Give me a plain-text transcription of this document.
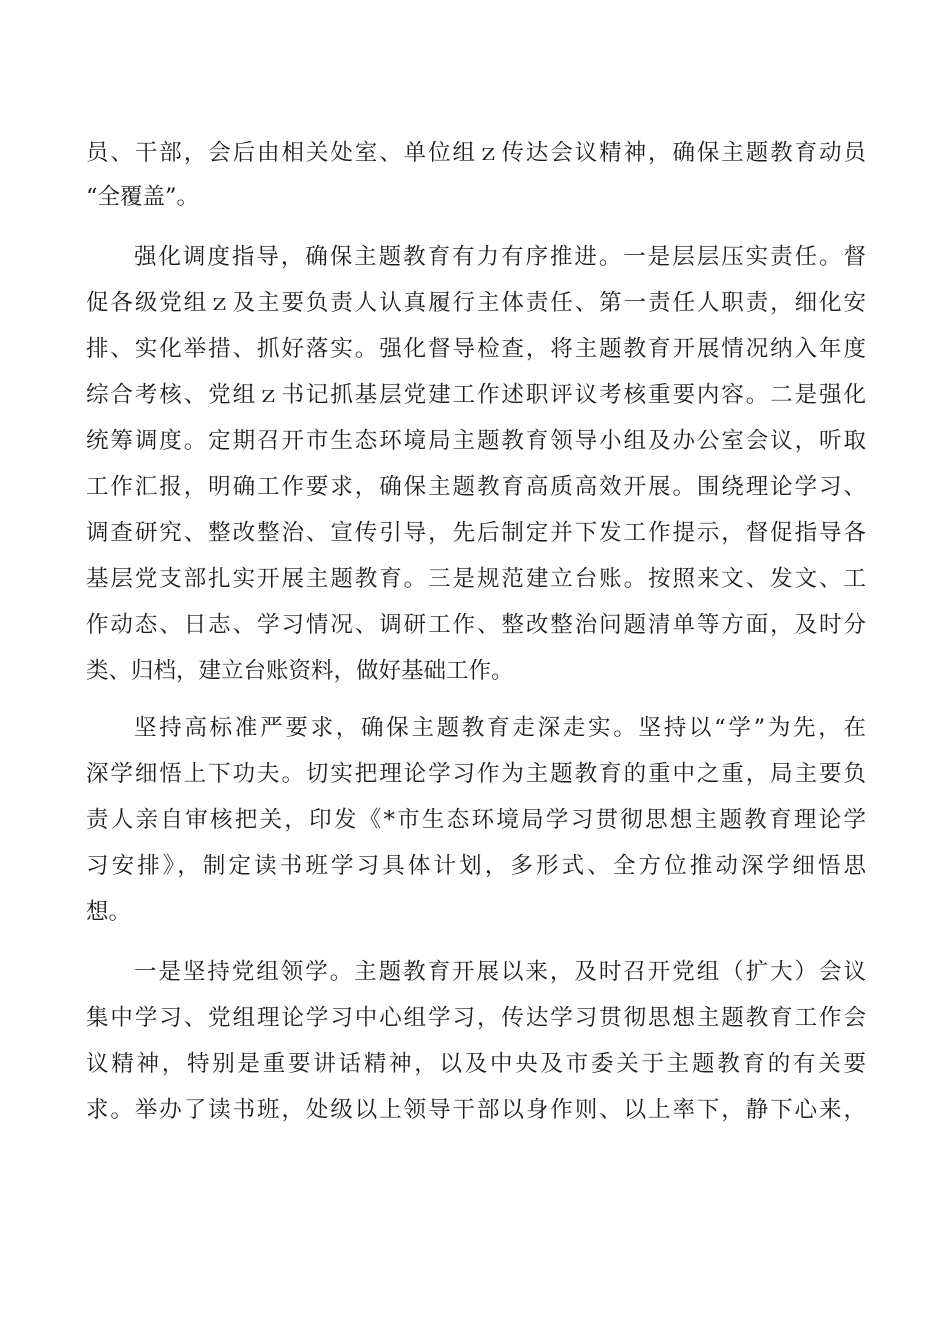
员、干部，会后由相关处室、单位组ｚ传达会议精神，确保主题教育动员
“全覆盖”。
强化调度指导，确保主题教育有力有序推进。一是层层压实责任。督
促各级党组ｚ及主要负责人认真履行主体责任、第一责任人职责，细化安
排、实化举措、抓好落实。强化督导检查，将主题教育开展情况纳入年度
综合考核、党组ｚ书记抓基层党建工作述职评议考核重要内容。二是强化
统筹调度。定期召开市生态环境局主题教育领导小组及办公室会议，听取
工作汇报，明确工作要求，确保主题教育高质高效开展。围绕理论学习、
调查研究、整改整治、宣传引导，先后制定并下发工作提示，督促指导各
基层党支部扎实开展主题教育。三是规范建立台账。按照来文、发文、工
作动态、日志、学习情况、调研工作、整改整治问题清单等方面，及时分
类、归档，建立台账资料，做好基础工作。
坚持高标准严要求，确保主题教育走深走实。坚持以“学”为先，在
深学细悟上下功夫。切实把理论学习作为主题教育的重中之重，局主要负
责人亲自审核把关，印发《*市生态环境局学习贯彻思想主题教育理论学
习安排》，制定读书班学习具体计划，多形式、全方位推动深学细悟思
想。
一是坚持党组领学。主题教育开展以来，及时召开党组（扩大）会议
集中学习、党组理论学习中心组学习，传达学习贯彻思想主题教育工作会
议精神，特别是重要讲话精神，以及中央及市委关于主题教育的有关要
求。举办了读书班，处级以上领导干部以身作则、以上率下，静下心来，
